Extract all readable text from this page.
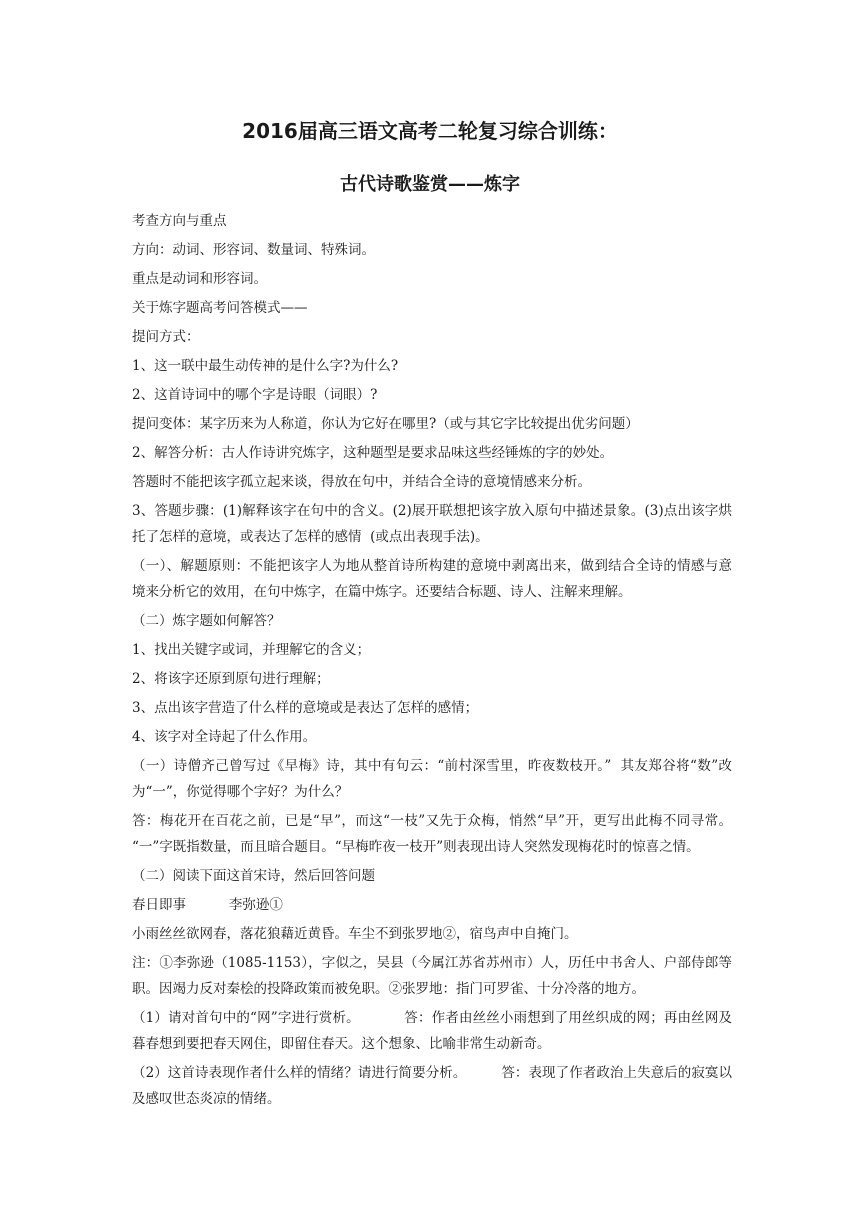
2016届高三语文高考二轮复习综合训练：
古代诗歌鉴赏——炼字

考查方向与重点

方向：动词、形容词、数量词、特殊词。

重点是动词和形容词。

关于炼字题高考问答模式——

提问方式：

1、这一联中最生动传神的是什么字?为什么?

2、这首诗词中的哪个字是诗眼（词眼）?

提问变体：某字历来为人称道，你认为它好在哪里?（或与其它字比较提出优劣问题）

2、解答分析：古人作诗讲究炼字，这种题型是要求品味这些经锤炼的字的妙处。

答题时不能把该字孤立起来谈，得放在句中，并结合全诗的意境情感来分析。

3、答题步骤：(1)解释该字在句中的含义。(2)展开联想把该字放入原句中描述景象。(3)点出该字烘托了怎样的意境，或表达了怎样的感情  (或点出表现手法)。

（一）、解题原则：不能把该字人为地从整首诗所构建的意境中剥离出来，做到结合全诗的情感与意境来分析它的效用，在句中炼字，在篇中炼字。还要结合标题、诗人、注解来理解。

（二）炼字题如何解答？

1、找出关键字或词，并理解它的含义；

2、将该字还原到原句进行理解；

3、点出该字营造了什么样的意境或是表达了怎样的感情；

4、该字对全诗起了什么作用。

（一）诗僧齐己曾写过《早梅》诗，其中有句云：“前村深雪里，昨夜数枝开。”  其友郑谷将“数”改为“一”，你觉得哪个字好？为什么？

答：梅花开在百花之前，已是“早”，而这“一枝”又先于众梅，悄然“早”开，更写出此梅不同寻常。  “一”字既指数量，而且暗合题目。“早梅昨夜一枝开”则表现出诗人突然发现梅花时的惊喜之情。

（二）阅读下面这首宋诗，然后回答问题

春日即事          李弥逊①

小雨丝丝欲网春，落花狼藉近黄昏。车尘不到张罗地②，宿鸟声中自掩门。

注：①李弥逊（1085-1153），字似之，吴县（今属江苏省苏州市）人，历任中书舍人、户部侍郎等职。因竭力反对秦桧的投降政策而被免职。②张罗地：指门可罗雀、十分冷落的地方。

（1）请对首句中的“网”字进行赏析。          答：作者由丝丝小雨想到了用丝织成的网；再由丝网及暮春想到要把春天网住，即留住春天。这个想象、比喻非常生动新奇。

（2）这首诗表现作者什么样的情绪？请进行简要分析。        答：表现了作者政治上失意后的寂寞以及感叹世态炎凉的情绪。
